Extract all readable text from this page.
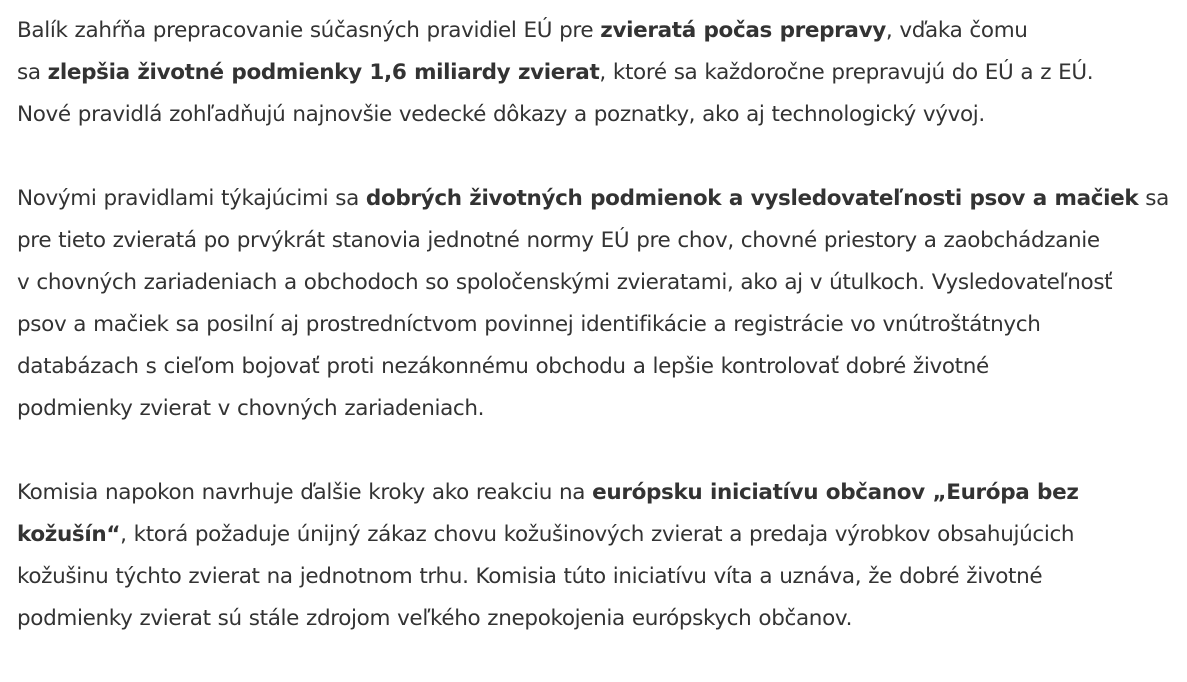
Balík zahŕňa prepracovanie súčasných pravidiel EÚ pre zvieratá počas prepravy, vďaka čomu
sa zlepšia životné podmienky 1,6 miliardy zvierat, ktoré sa každoročne prepravujú do EÚ a z EÚ.
Nové pravidlá zohľadňujú najnovšie vedecké dôkazy a poznatky, ako aj technologický vývoj.

Novými pravidlami týkajúcimi sa dobrých životných podmienok a vysledovateľnosti psov a mačiek sa
pre tieto zvieratá po prvýkrát stanovia jednotné normy EÚ pre chov, chovné priestory a zaobchádzanie
v chovných zariadeniach a obchodoch so spoločenskými zvieratami, ako aj v útulkoch. Vysledovateľnosť
psov a mačiek sa posilní aj prostredníctvom povinnej identifikácie a registrácie vo vnútroštátnych
databázach s cieľom bojovať proti nezákonnému obchodu a lepšie kontrolovať dobré životné
podmienky zvierat v chovných zariadeniach.

Komisia napokon navrhuje ďalšie kroky ako reakciu na európsku iniciatívu občanov „Európa bez
kožušín“, ktorá požaduje únijný zákaz chovu kožušinových zvierat a predaja výrobkov obsahujúcich
kožušinu týchto zvierat na jednotnom trhu. Komisia túto iniciatívu víta a uznáva, že dobré životné
podmienky zvierat sú stále zdrojom veľkého znepokojenia európskych občanov.
